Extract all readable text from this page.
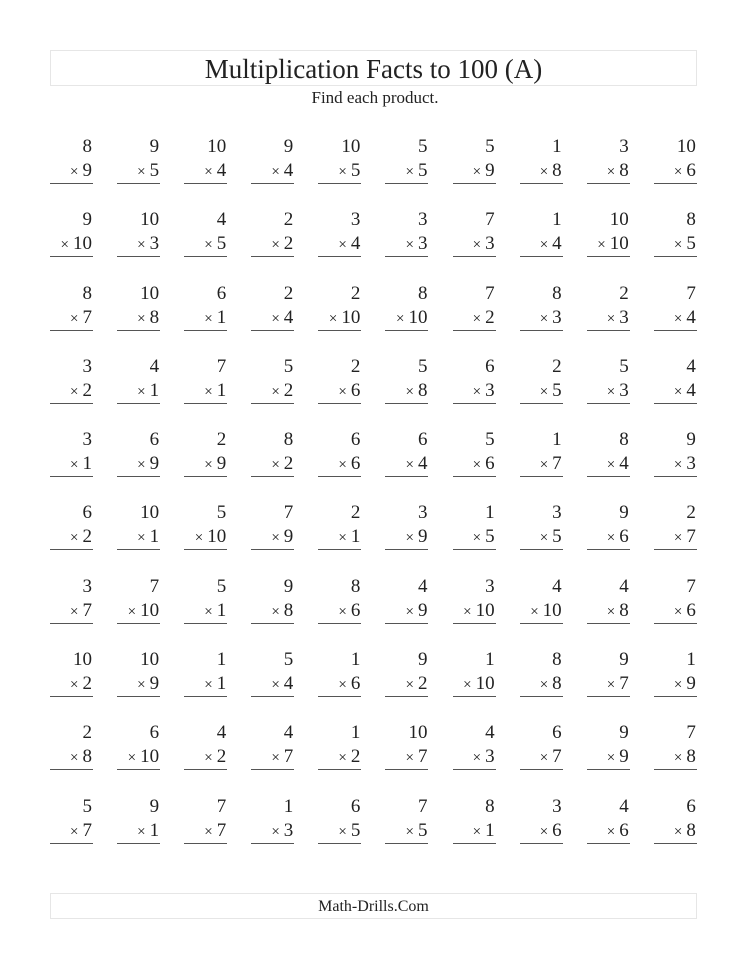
Multiplication Facts to 100 (A)
Find each product.
8
× 9
9
× 5
10
× 4
9
× 4
10
× 5
5
× 5
5
× 9
1
× 8
3
× 8
10
× 6
9
× 10
10
× 3
4
× 5
2
× 2
3
× 4
3
× 3
7
× 3
1
× 4
10
× 10
8
× 5
8
× 7
10
× 8
6
× 1
2
× 4
2
× 10
8
× 10
7
× 2
8
× 3
2
× 3
7
× 4
3
× 2
4
× 1
7
× 1
5
× 2
2
× 6
5
× 8
6
× 3
2
× 5
5
× 3
4
× 4
3
× 1
6
× 9
2
× 9
8
× 2
6
× 6
6
× 4
5
× 6
1
× 7
8
× 4
9
× 3
6
× 2
10
× 1
5
× 10
7
× 9
2
× 1
3
× 9
1
× 5
3
× 5
9
× 6
2
× 7
3
× 7
7
× 10
5
× 1
9
× 8
8
× 6
4
× 9
3
× 10
4
× 10
4
× 8
7
× 6
10
× 2
10
× 9
1
× 1
5
× 4
1
× 6
9
× 2
1
× 10
8
× 8
9
× 7
1
× 9
2
× 8
6
× 10
4
× 2
4
× 7
1
× 2
10
× 7
4
× 3
6
× 7
9
× 9
7
× 8
5
× 7
9
× 1
7
× 7
1
× 3
6
× 5
7
× 5
8
× 1
3
× 6
4
× 6
6
× 8
Math-Drills.Com
